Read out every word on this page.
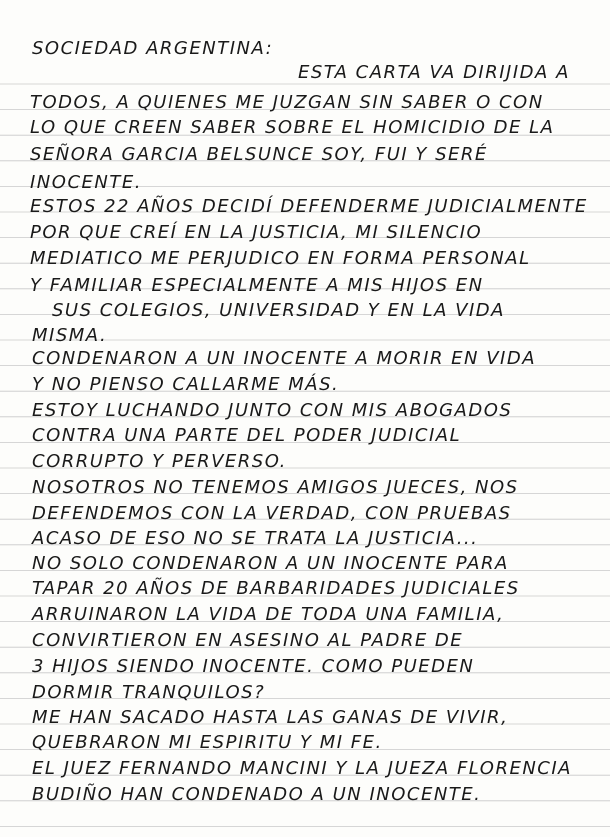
SOCIEDAD ARGENTINA:
ESTA CARTA VA DIRIJIDA A
TODOS, A QUIENES ME JUZGAN SIN SABER O CON
LO QUE CREEN SABER SOBRE EL HOMICIDIO DE LA
SEÑORA GARCIA BELSUNCE SOY, FUI Y SERÉ
INOCENTE.
ESTOS 22 AÑOS DECIDÍ DEFENDERME JUDICIALMENTE
POR QUE CREÍ EN LA JUSTICIA, MI SILENCIO
MEDIATICO ME PERJUDICO EN FORMA PERSONAL
Y FAMILIAR ESPECIALMENTE A MIS HIJOS EN
SUS COLEGIOS, UNIVERSIDAD Y EN LA VIDA
MISMA.
CONDENARON A UN INOCENTE A MORIR EN VIDA
Y NO PIENSO CALLARME MÁS.
ESTOY LUCHANDO JUNTO CON MIS ABOGADOS
CONTRA UNA PARTE DEL PODER JUDICIAL
CORRUPTO Y PERVERSO.
NOSOTROS NO TENEMOS AMIGOS JUECES, NOS
DEFENDEMOS CON LA VERDAD, CON PRUEBAS
ACASO DE ESO NO SE TRATA LA JUSTICIA...
NO SOLO CONDENARON A UN INOCENTE PARA
TAPAR 20 AÑOS DE BARBARIDADES JUDICIALES
ARRUINARON LA VIDA DE TODA UNA FAMILIA,
CONVIRTIERON EN ASESINO AL PADRE DE
3 HIJOS SIENDO INOCENTE. COMO PUEDEN
DORMIR TRANQUILOS?
ME HAN SACADO HASTA LAS GANAS DE VIVIR,
QUEBRARON MI ESPIRITU Y MI FE.
EL JUEZ FERNANDO MANCINI Y LA JUEZA FLORENCIA
BUDIÑO HAN CONDENADO A UN INOCENTE.
